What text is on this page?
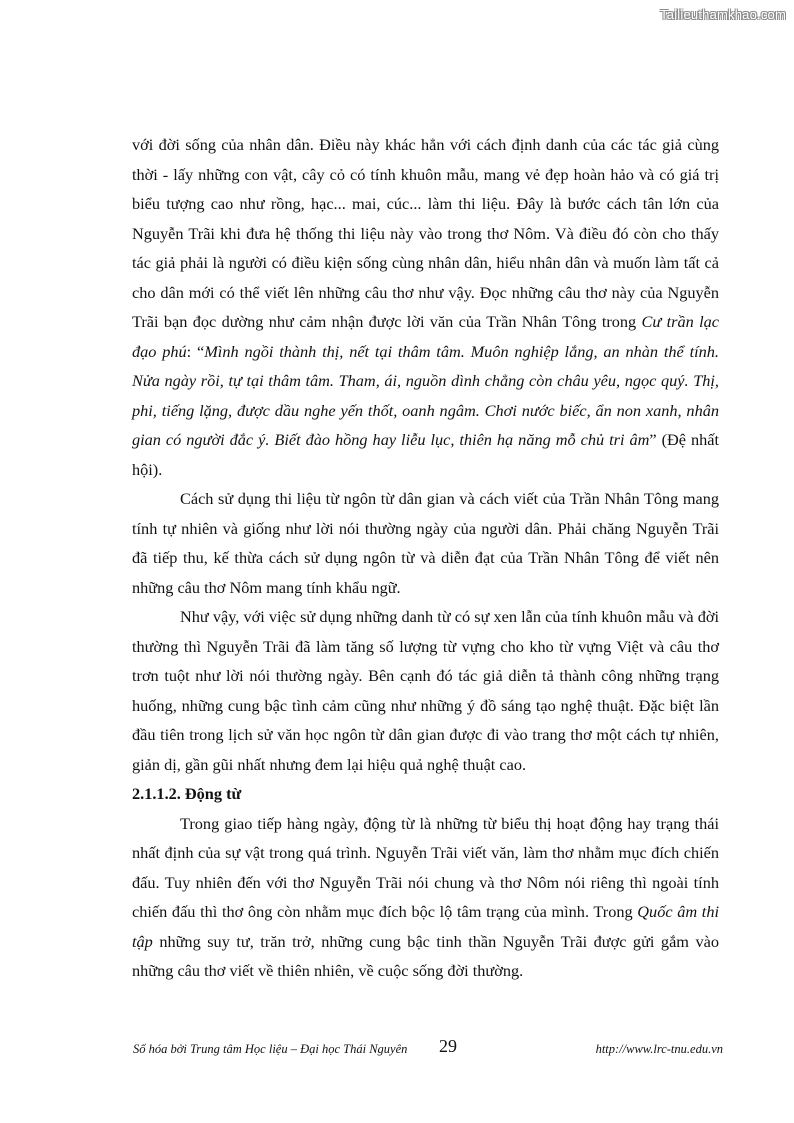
Tailieuthamkhao.com

với đời sống của nhân dân. Điều này khác hẳn với cách định danh của các tác giả cùng thời - lấy những con vật, cây cỏ có tính khuôn mẫu, mang vẻ đẹp hoàn hảo và có giá trị biểu tượng cao như rồng, hạc... mai, cúc... làm thi liệu. Đây là bước cách tân lớn của Nguyễn Trãi khi đưa hệ thống thi liệu này vào trong thơ Nôm. Và điều đó còn cho thấy tác giả phải là người có điều kiện sống cùng nhân dân, hiểu nhân dân và muốn làm tất cả cho dân mới có thể viết lên những câu thơ như vậy. Đọc những câu thơ này của Nguyễn Trãi bạn đọc dường như cảm nhận được lời văn của Trần Nhân Tông trong Cư trần lạc đạo phú: “Mình ngồi thành thị, nết tại thâm tâm. Muôn nghiệp lắng, an nhàn thể tính. Nửa ngày rồi, tự tại thâm tâm. Tham, ái, nguồn dình chẳng còn châu yêu, ngọc quý. Thị, phi, tiếng lặng, được dầu nghe yến thốt, oanh ngâm. Chơi nước biếc, ẩn non xanh, nhân gian có người đắc ý. Biết đào hồng hay liễu lục, thiên hạ năng mỗ chủ tri âm” (Đệ nhất hội).

Cách sử dụng thi liệu từ ngôn từ dân gian và cách viết của Trần Nhân Tông mang tính tự nhiên và giống như lời nói thường ngày của người dân. Phải chăng Nguyễn Trãi đã tiếp thu, kế thừa cách sử dụng ngôn từ và diễn đạt của Trần Nhân Tông để viết nên những câu thơ Nôm mang tính khẩu ngữ.

Như vậy, với việc sử dụng những danh từ có sự xen lẫn của tính khuôn mẫu và đời thường thì Nguyễn Trãi đã làm tăng số lượng từ vựng cho kho từ vựng Việt và câu thơ trơn tuột như lời nói thường ngày. Bên cạnh đó tác giả diễn tả thành công những trạng huống, những cung bậc tình cảm cũng như những ý đồ sáng tạo nghệ thuật. Đặc biệt lần đầu tiên trong lịch sử văn học ngôn từ dân gian được đi vào trang thơ một cách tự nhiên, giản dị, gần gũi nhất nhưng đem lại hiệu quả nghệ thuật cao.

2.1.1.2. Động từ

Trong giao tiếp hàng ngày, động từ là những từ biểu thị hoạt động hay trạng thái nhất định của sự vật trong quá trình. Nguyễn Trãi viết văn, làm thơ nhằm mục đích chiến đấu. Tuy nhiên đến với thơ Nguyễn Trãi nói chung và thơ Nôm nói riêng thì ngoài tính chiến đấu thì thơ ông còn nhằm mục đích bộc lộ tâm trạng của mình. Trong Quốc âm thi tập những suy tư, trăn trở, những cung bậc tinh thần Nguyễn Trãi được gửi gắm vào những câu thơ viết về thiên nhiên, về cuộc sống đời thường.

Số hóa bởi Trung tâm Học liệu – Đại học Thái Nguyên 29	http://www.lrc-tnu.edu.vn
